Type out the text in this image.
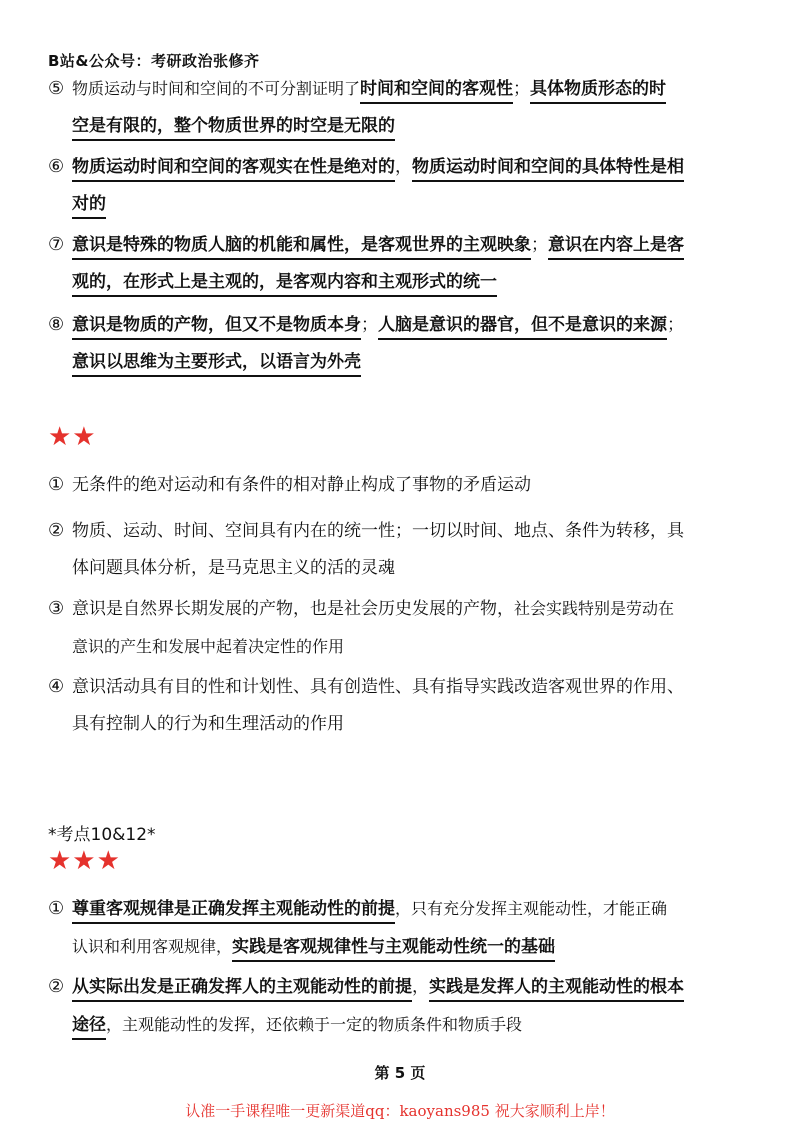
B站&公众号：考研政治张修齐
⑤ 物质运动与时间和空间的不可分割证明了时间和空间的客观性；具体物质形态的时
空是有限的，整个物质世界的时空是无限的
⑥ 物质运动时间和空间的客观实在性是绝对的，物质运动时间和空间的具体特性是相
对的
⑦ 意识是特殊的物质人脑的机能和属性，是客观世界的主观映象；意识在内容上是客
观的，在形式上是主观的，是客观内容和主观形式的统一
⑧ 意识是物质的产物，但又不是物质本身；人脑是意识的器官，但不是意识的来源；
意识以思维为主要形式，以语言为外壳
★★
① 无条件的绝对运动和有条件的相对静止构成了事物的矛盾运动
② 物质、运动、时间、空间具有内在的统一性；一切以时间、地点、条件为转移，具
体问题具体分析，是马克思主义的活的灵魂
③ 意识是自然界长期发展的产物，也是社会历史发展的产物，社会实践特别是劳动在
意识的产生和发展中起着决定性的作用
④ 意识活动具有目的性和计划性、具有创造性、具有指导实践改造客观世界的作用、
具有控制人的行为和生理活动的作用
*考点10&12*
★★★
① 尊重客观规律是正确发挥主观能动性的前提，只有充分发挥主观能动性，才能正确
认识和利用客观规律，实践是客观规律性与主观能动性统一的基础
② 从实际出发是正确发挥人的主观能动性的前提，实践是发挥人的主观能动性的根本
途径，主观能动性的发挥，还依赖于一定的物质条件和物质手段
第 5 页
认准一手课程唯一更新渠道qq：kaoyans985 祝大家顺利上岸！
